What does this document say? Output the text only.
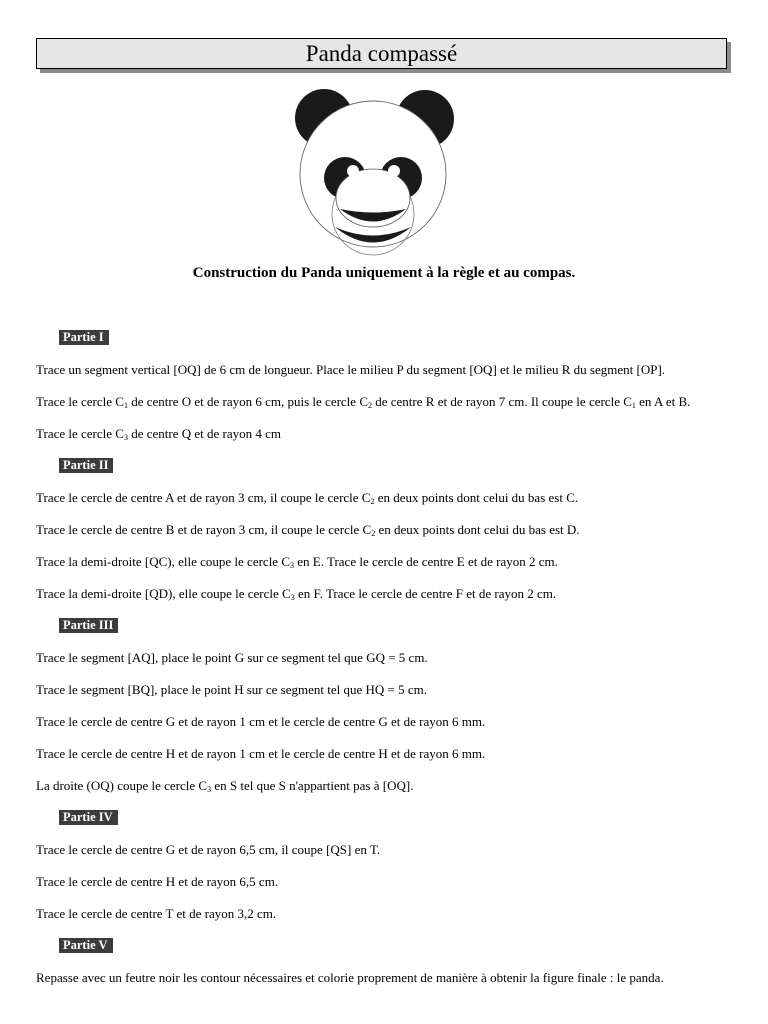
Panda compassé
Construction du Panda uniquement à la règle et au compas.
Partie I
Trace un segment vertical [OQ] de 6 cm de longueur. Place le milieu P du segment [OQ] et le milieu R du segment [OP].
Trace le cercle $C_1$ de centre O et de rayon 6 cm, puis le cercle $C_2$ de centre R et de rayon 7 cm. Il coupe le cercle $C_1$ en A et B.
Trace le cercle $C_3$ de centre Q et de rayon 4 cm
Partie II
Trace le cercle de centre A et de rayon 3 cm, il coupe le cercle $C_2$ en deux points dont celui du bas est C.
Trace le cercle de centre B et de rayon 3 cm, il coupe le cercle $C_2$ en deux points dont celui du bas est D.
Trace la demi-droite [QC), elle coupe le cercle $C_3$ en E. Trace le cercle de centre E et de rayon 2 cm.
Trace la demi-droite [QD), elle coupe le cercle $C_3$ en F. Trace le cercle de centre F et de rayon 2 cm.
Partie III
Trace le segment [AQ], place le point G sur ce segment tel que GQ = 5 cm.
Trace le segment [BQ], place le point H sur ce segment tel que HQ = 5 cm.
Trace le cercle de centre G et de rayon 1 cm et le cercle de centre G et de rayon 6 mm.
Trace le cercle de centre H et de rayon 1 cm et le cercle de centre H et de rayon 6 mm.
La droite (OQ) coupe le cercle $C_3$ en S tel que S n'appartient pas à [OQ].
Partie IV
Trace le cercle de centre G et de rayon 6,5 cm, il coupe [QS] en T.
Trace le cercle de centre H et de rayon 6,5 cm.
Trace le cercle de centre T et de rayon 3,2 cm.
Partie V
Repasse avec un feutre noir les contour nécessaires et colorie proprement de manière à obtenir la figure finale : le panda.
